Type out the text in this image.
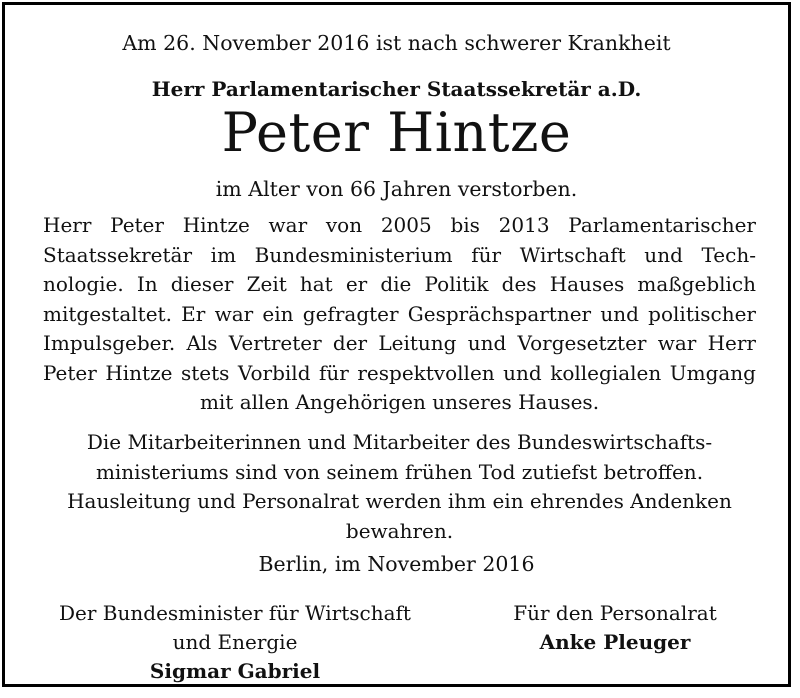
Am 26. November 2016 ist nach schwerer Krankheit

Herr Parlamentarischer Staatssekretär a.D.

Peter Hintze

im Alter von 66 Jahren verstorben.

Herr Peter Hintze war von 2005 bis 2013 Parlamentarischer Staatssekretär im Bundesministerium für Wirtschaft und Technologie. In dieser Zeit hat er die Politik des Hauses maßgeblich mitgestaltet. Er war ein gefragter Gesprächspartner und politischer Impulsgeber. Als Vertreter der Leitung und Vorgesetzter war Herr Peter Hintze stets Vorbild für respektvollen und kollegialen Umgang mit allen Angehörigen unseres Hauses.

Die Mitarbeiterinnen und Mitarbeiter des Bundeswirtschaftsministeriums sind von seinem frühen Tod zutiefst betroffen. Hausleitung und Personalrat werden ihm ein ehrendes Andenken bewahren.

Berlin, im November 2016

Der Bundesminister für Wirtschaft
und Energie
Sigmar Gabriel
Für den Personalrat
Anke Pleuger
